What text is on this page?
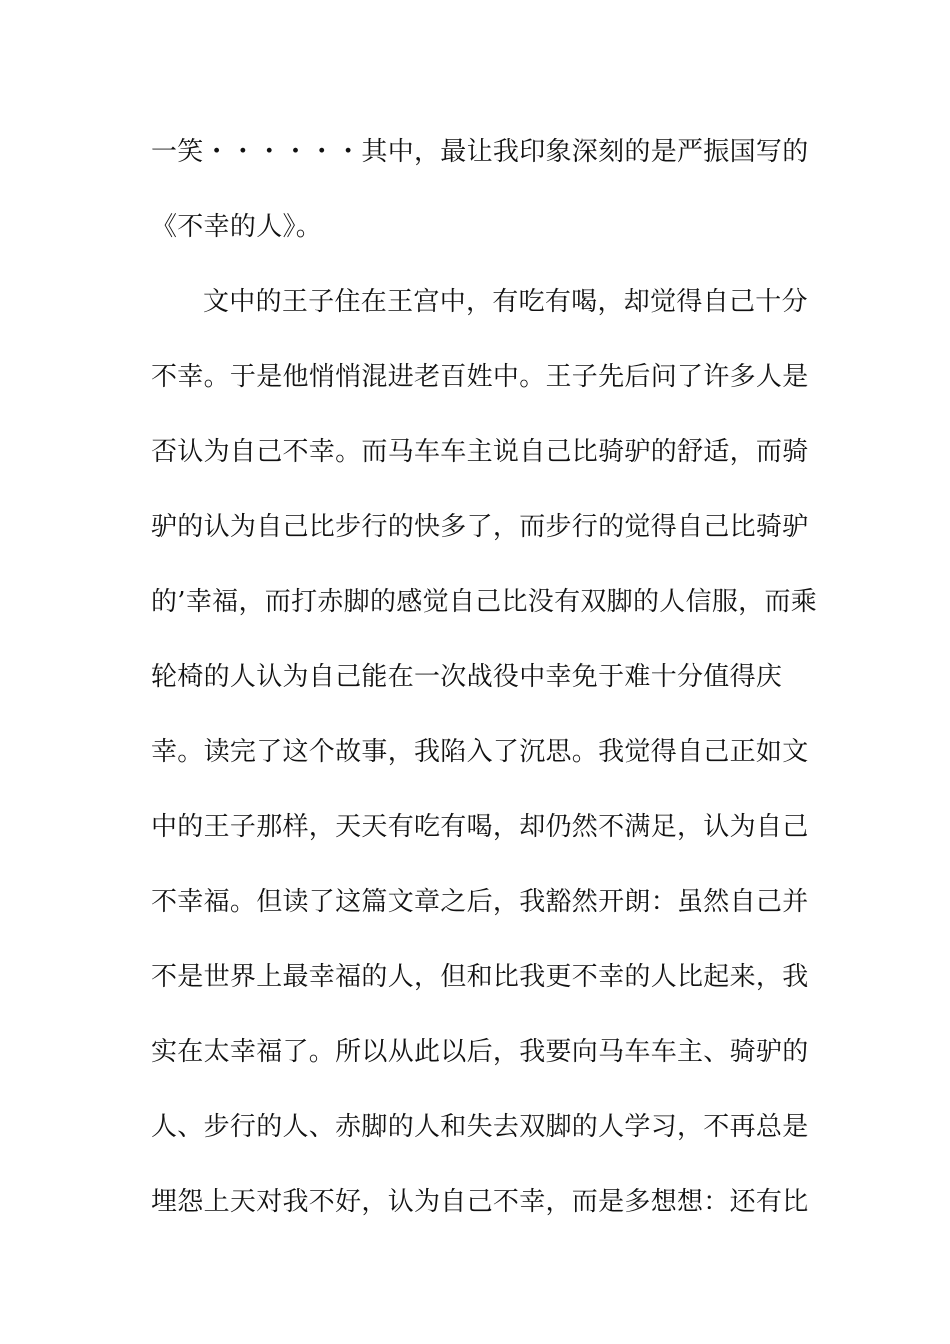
一笑・・・・・・其中，最让我印象深刻的是严振国写的
《不幸的人》。
文中的王子住在王宫中，有吃有喝，却觉得自己十分
不幸。于是他悄悄混进老百姓中。王子先后问了许多人是
否认为自己不幸。而马车车主说自己比骑驴的舒适，而骑
驴的认为自己比步行的快多了，而步行的觉得自己比骑驴
的’幸福，而打赤脚的感觉自己比没有双脚的人信服，而乘
轮椅的人认为自己能在一次战役中幸免于难十分值得庆
幸。读完了这个故事，我陷入了沉思。我觉得自己正如文
中的王子那样，天天有吃有喝，却仍然不满足，认为自己
不幸福。但读了这篇文章之后，我豁然开朗：虽然自己并
不是世界上最幸福的人，但和比我更不幸的人比起来，我
实在太幸福了。所以从此以后，我要向马车车主、骑驴的
人、步行的人、赤脚的人和失去双脚的人学习，不再总是
埋怨上天对我不好，认为自己不幸，而是多想想：还有比
